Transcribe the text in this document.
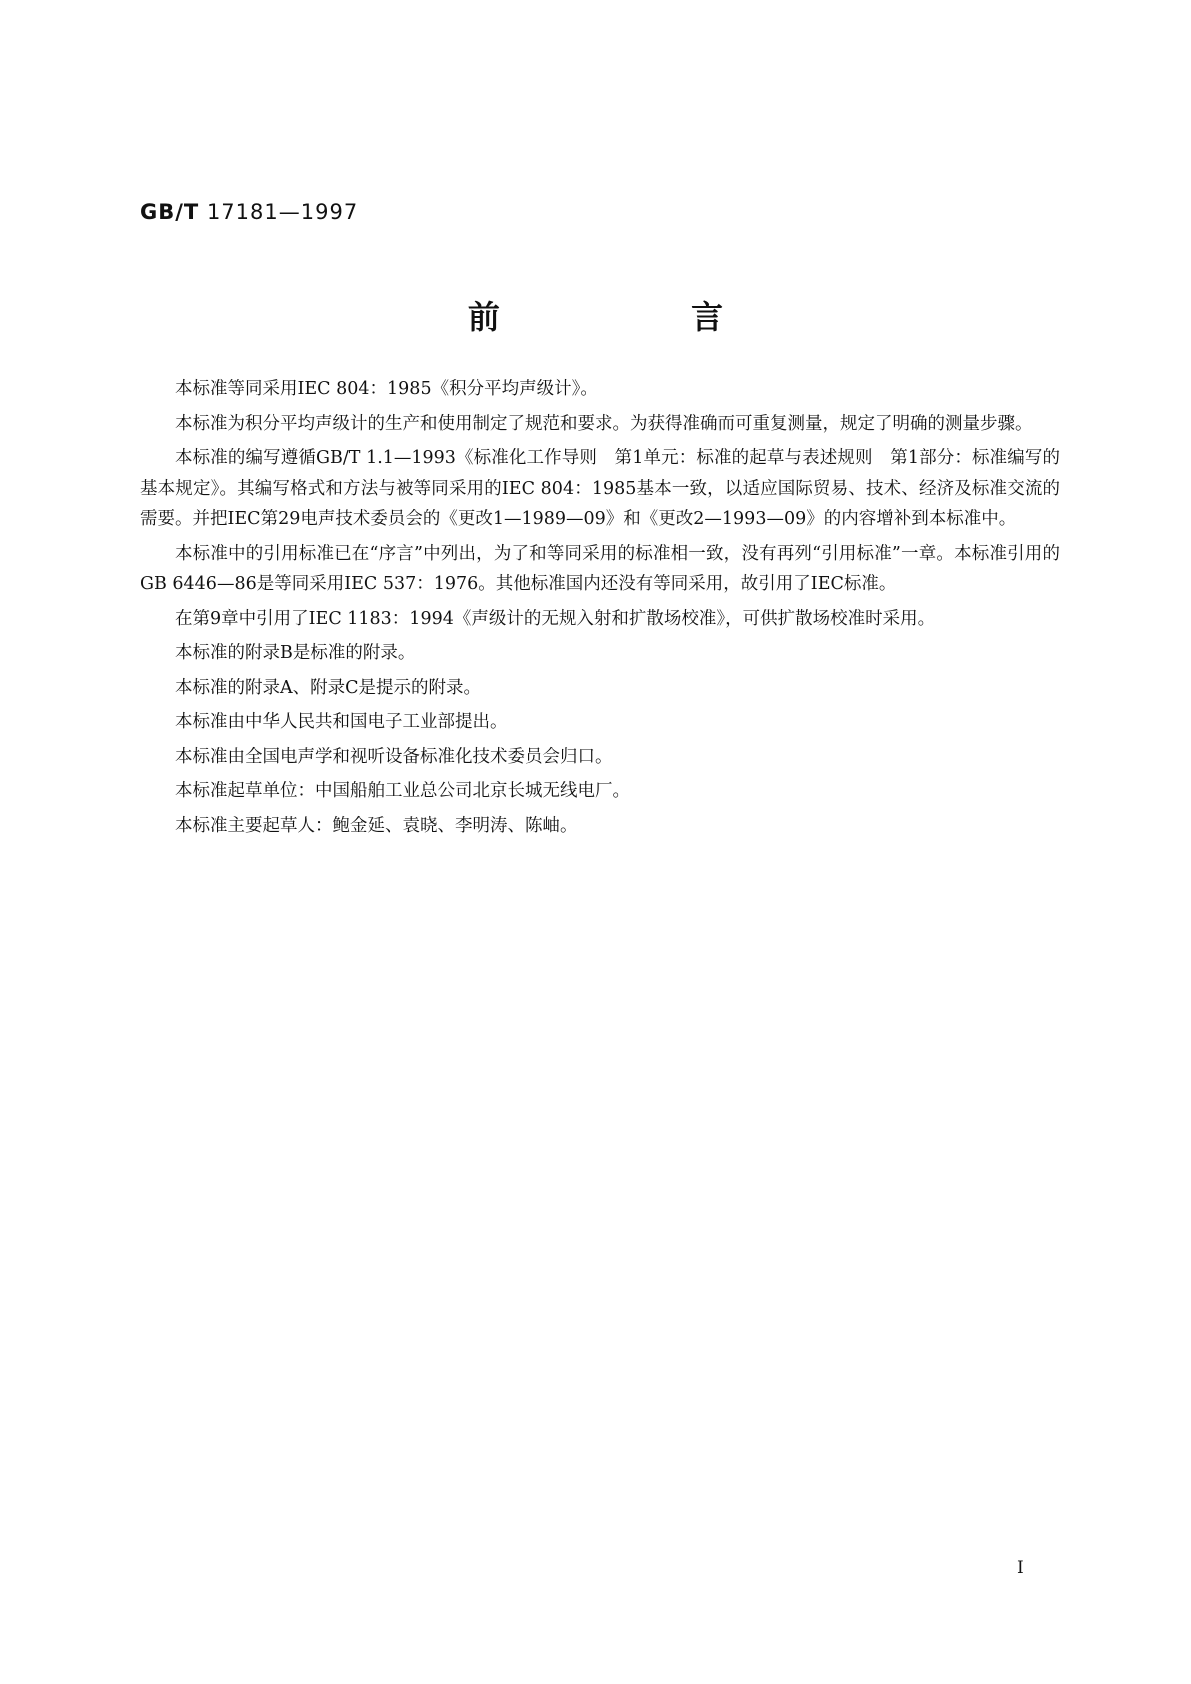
GB/T 17181—1997
前 言

本标准等同采用IEC 804：1985《积分平均声级计》。

本标准为积分平均声级计的生产和使用制定了规范和要求。为获得准确而可重复测量，规定了明确的测量步骤。

本标准的编写遵循GB/T 1.1—1993《标准化工作导则　第1单元：标准的起草与表述规则　第1部分：标准编写的基本规定》。其编写格式和方法与被等同采用的IEC 804：1985基本一致，以适应国际贸易、技术、经济及标准交流的需要。并把IEC第29电声技术委员会的《更改1—1989—09》和《更改2—1993—09》的内容增补到本标准中。

本标准中的引用标准已在“序言”中列出，为了和等同采用的标准相一致，没有再列“引用标准”一章。本标准引用的GB 6446—86是等同采用IEC 537：1976。其他标准国内还没有等同采用，故引用了IEC标准。

在第9章中引用了IEC 1183：1994《声级计的无规入射和扩散场校准》，可供扩散场校准时采用。

本标准的附录B是标准的附录。

本标准的附录A、附录C是提示的附录。

本标准由中华人民共和国电子工业部提出。

本标准由全国电声学和视听设备标准化技术委员会归口。

本标准起草单位：中国船舶工业总公司北京长城无线电厂。

本标准主要起草人：鲍金延、袁晓、李明涛、陈岫。

I
